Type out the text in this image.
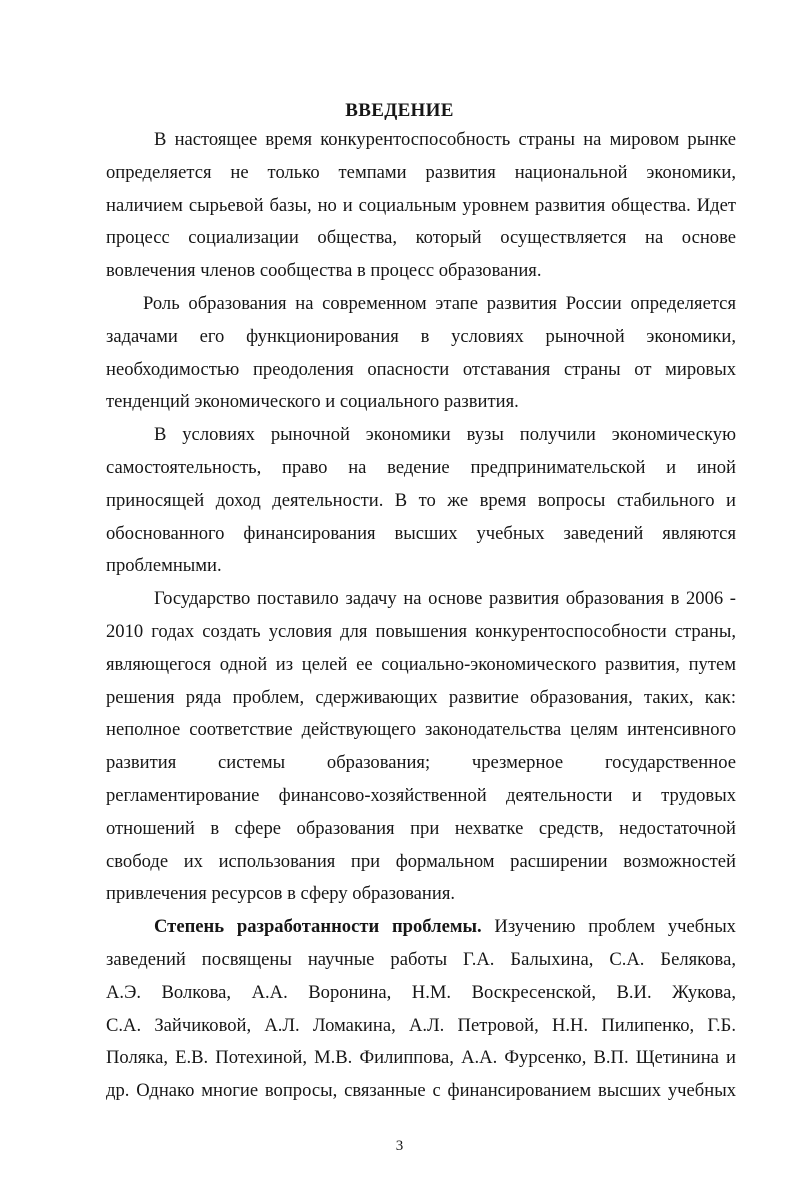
ВВЕДЕНИЕ
В настоящее время конкурентоспособность страны на мировом рынке
определяется не только темпами развития национальной экономики,
наличием сырьевой базы, но и социальным уровнем развития общества. Идет
процесс социализации общества, который осуществляется на основе
вовлечения членов сообщества в процесс образования.
Роль образования на современном этапе развития России определяется
задачами его функционирования в условиях рыночной экономики,
необходимостью преодоления опасности отставания страны от мировых
тенденций экономического и социального развития.
В условиях рыночной экономики вузы получили экономическую
самостоятельность, право на ведение предпринимательской и иной
приносящей доход деятельности. В то же время вопросы стабильного и
обоснованного финансирования высших учебных заведений являются
проблемными.
Государство поставило задачу на основе развития образования в 2006 -
2010 годах создать условия для повышения конкурентоспособности страны,
являющегося одной из целей ее социально-экономического развития, путем
решения ряда проблем, сдерживающих развитие образования, таких, как:
неполное соответствие действующего законодательства целям интенсивного
развития системы образования; чрезмерное государственное
регламентирование финансово-хозяйственной деятельности и трудовых
отношений в сфере образования при нехватке средств, недостаточной
свободе их использования при формальном расширении возможностей
привлечения ресурсов в сферу образования.
Степень разработанности проблемы. Изучению проблем учебных
заведений посвящены научные работы Г.А. Балыхина, С.А. Белякова,
А.Э. Волкова, А.А. Воронина, Н.М. Воскресенской, В.И. Жукова,
С.А. Зайчиковой, А.Л. Ломакина, А.Л. Петровой, Н.Н. Пилипенко, Г.Б.
Поляка, Е.В. Потехиной, М.В. Филиппова, А.А. Фурсенко, В.П. Щетинина и
др. Однако многие вопросы, связанные с финансированием высших учебных
3
